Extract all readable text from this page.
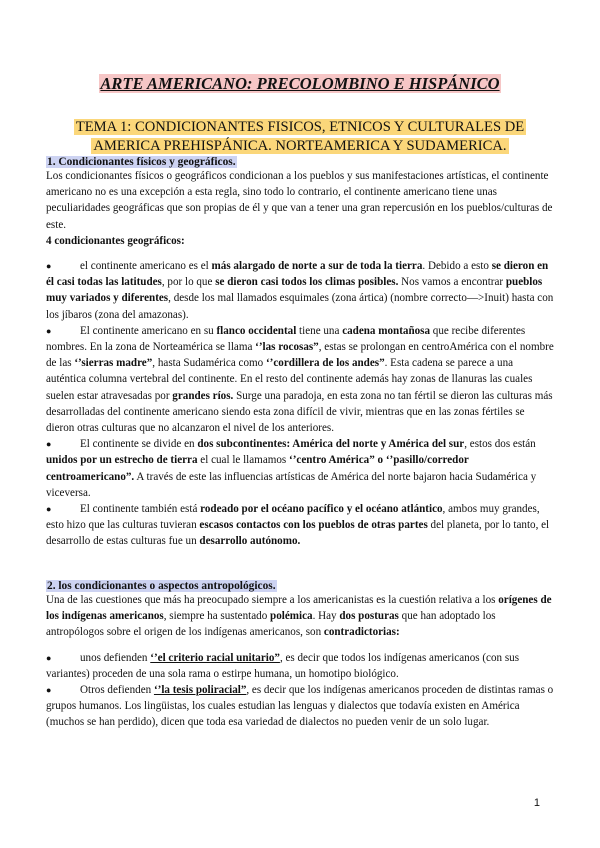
ARTE AMERICANO: PRECOLOMBINO E HISPÁNICO
TEMA 1: CONDICIONANTES FISICOS, ETNICOS Y CULTURALES DE AMERICA PREHISPÁNICA. NORTEAMERICA Y SUDAMERICA.
1. Condicionantes físicos y geográficos.

Los condicionantes físicos o geográficos condicionan a los pueblos y sus manifestaciones artísticas, el continente americano no es una excepción a esta regla, sino todo lo contrario, el continente americano tiene unas peculiaridades geográficas que son propias de él y que van a tener una gran repercusión en los pueblos/culturas de este.

4 condicionantes geográficos:

●	el continente americano es el más alargado de norte a sur de toda la tierra. Debido a esto se dieron en él casi todas las latitudes, por lo que se dieron casi todos los climas posibles. Nos vamos a encontrar pueblos muy variados y diferentes, desde los mal llamados esquimales (zona ártica) (nombre correcto—>Inuit) hasta con los jíbaros (zona del amazonas).

●	El continente americano en su flanco occidental tiene una cadena montañosa que recibe diferentes nombres. En la zona de Norteamérica se llama ‘’las rocosas”, estas se prolongan en centroAmérica con el nombre de las ‘’sierras madre”, hasta Sudamérica como ‘’cordillera de los andes”. Esta cadena se parece a una auténtica columna vertebral del continente. En el resto del continente además hay zonas de llanuras las cuales suelen estar atravesadas por grandes ríos. Surge una paradoja, en esta zona no tan fértil se dieron las culturas más desarrolladas del continente americano siendo esta zona difícil de vivir, mientras que en las zonas fértiles se dieron otras culturas que no alcanzaron el nivel de los anteriores.

●	El continente se divide en dos subcontinentes: América del norte y América del sur, estos dos están unidos por un estrecho de tierra el cual le llamamos ‘’centro América” o ‘’pasillo/corredor centroamericano”. A través de este las influencias artísticas de América del norte bajaron hacia Sudamérica y viceversa.

●	El continente también está rodeado por el océano pacífico y el océano atlántico, ambos muy grandes, esto hizo que las culturas tuvieran escasos contactos con los pueblos de otras partes del planeta, por lo tanto, el desarrollo de estas culturas fue un desarrollo autónomo.

2. los condicionantes o aspectos antropológicos.

Una de las cuestiones que más ha preocupado siempre a los americanistas es la cuestión relativa a los orígenes de los indígenas americanos, siempre ha sustentado polémica. Hay dos posturas que han adoptado los antropólogos sobre el origen de los indígenas americanos, son contradictorias:

●	unos defienden ‘’el criterio racial unitario”, es decir que todos los indígenas americanos (con sus variantes) proceden de una sola rama o estirpe humana, un homotipo biológico.

●	Otros defienden ‘’la tesis poliracial”, es decir que los indígenas americanos proceden de distintas ramas o grupos humanos. Los lingüistas, los cuales estudian las lenguas y dialectos que todavía existen en América (muchos se han perdido), dicen que toda esa variedad de dialectos no pueden venir de un solo lugar.

1
